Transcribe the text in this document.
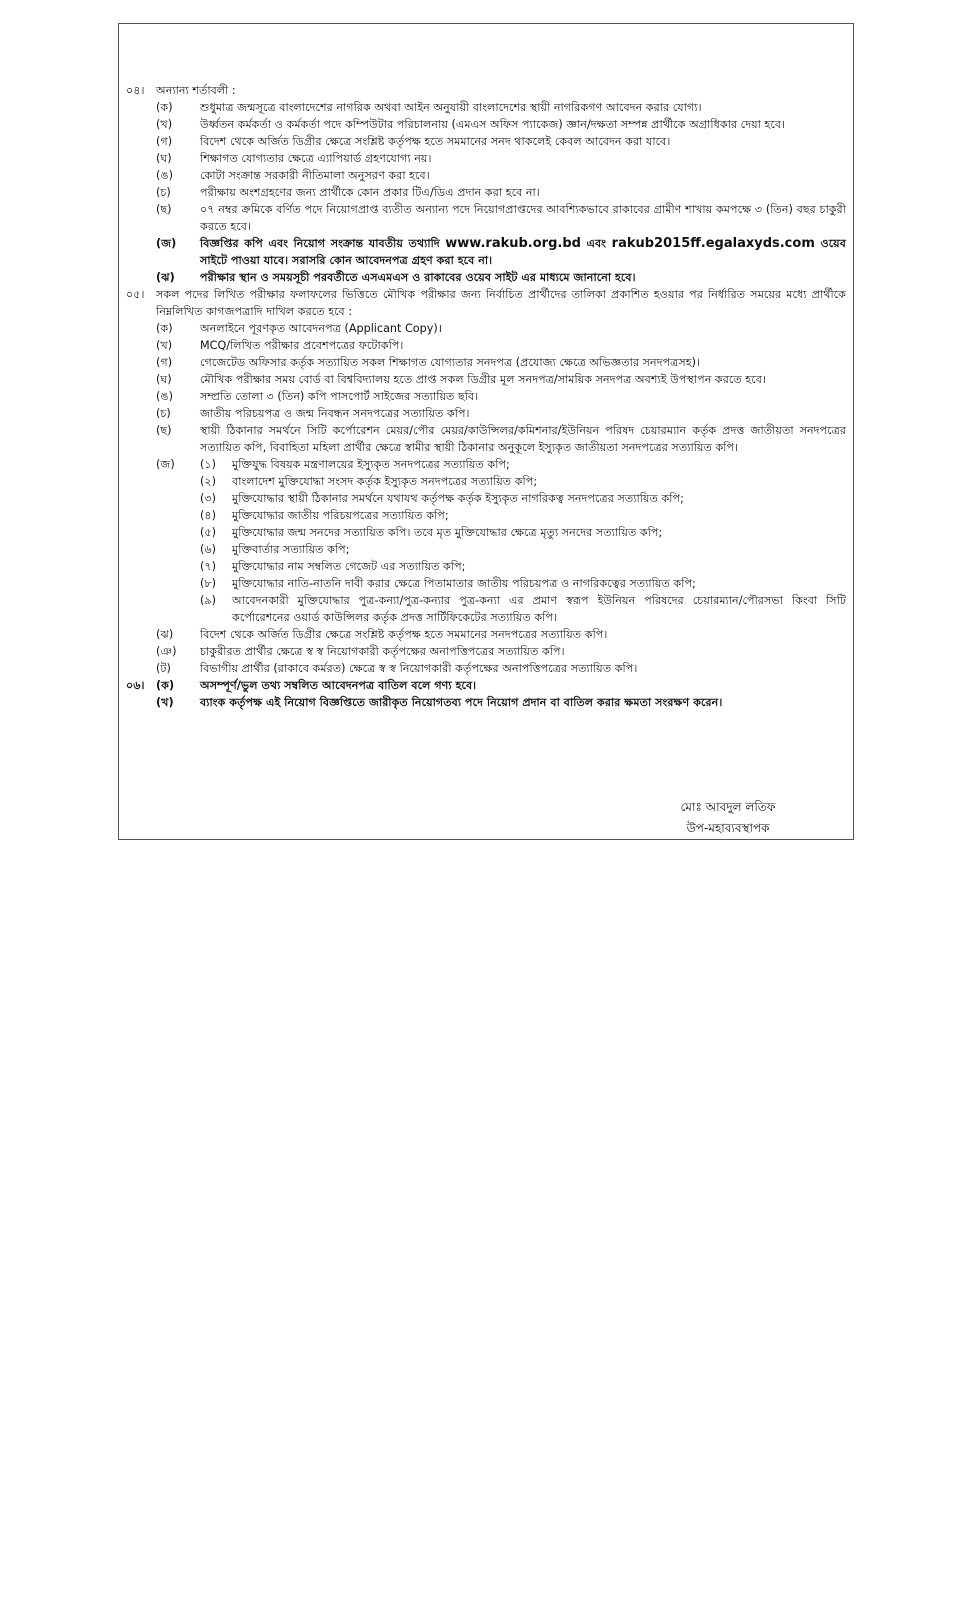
০৪।	অন্যান্য শর্তাবলী :
(ক)	শুধুমাত্র জন্মসূত্রে বাংলাদেশের নাগরিক অথবা আইন অনুযায়ী বাংলাদেশের স্থায়ী নাগরিকগণ আবেদন করার যোগ্য।
(খ)	উর্ধ্বতন কর্মকর্তা ও কর্মকর্তা পদে কম্পিউটার পরিচালনায় (এমএস অফিস প্যাকেজ) জ্ঞান/দক্ষতা সম্পন্ন প্রার্থীকে অগ্রাধিকার দেয়া হবে।
(গ)	বিদেশ থেকে অর্জিত ডিগ্রীর ক্ষেত্রে সংশ্লিষ্ট কর্তৃপক্ষ হতে সমমানের সনদ থাকলেই কেবল আবেদন করা যাবে।
(ঘ)	শিক্ষাগত যোগ্যতার ক্ষেত্রে এ্যাপিয়ার্ড গ্রহণযোগ্য নয়।
(ঙ)	কোটা সংক্রান্ত সরকারী নীতিমালা অনুসরণ করা হবে।
(চ)	পরীক্ষায় অংশগ্রহণের জন্য প্রার্থীকে কোন প্রকার টিএ/ডিএ প্রদান করা হবে না।
(ছ)	০৭ নম্বর ক্রমিকে বর্ণিত পদে নিয়োগপ্রাপ্ত ব্যতীত অন্যান্য পদে নিয়োগপ্রাপ্তদের আবশ্যিকভাবে রাকাবের গ্রামীণ শাখায় কমপক্ষে ৩ (তিন) বছর চাকুরী করতে হবে।
(জ)	বিজ্ঞপ্তির কপি এবং নিয়োগ সংক্রান্ত যাবতীয় তথ্যাদি www.rakub.org.bd এবং rakub2015ff.egalaxyds.com ওয়েব সাইটে পাওয়া যাবে। সরাসরি কোন আবেদনপত্র গ্রহণ করা হবে না।
(ঝ)	পরীক্ষার স্থান ও সময়সূচী পরবর্তীতে এসএমএস ও রাকাবের ওয়েব সাইট এর মাধ্যমে জানানো হবে।
০৫।	সকল পদের লিখিত পরীক্ষার ফলাফলের ভিত্তিতে মৌখিক পরীক্ষার জন্য নির্বাচিত প্রার্থীদের তালিকা প্রকাশিত হওয়ার পর নির্ধারিত সময়ের মধ্যে প্রার্থীকে নিম্নলিখিত কাগজপত্রাদি দাখিল করতে হবে :
(ক)	অনলাইনে পূরণকৃত আবেদনপত্র (Applicant Copy)।
(খ)	MCQ/লিখিত পরীক্ষার প্রবেশপত্রের ফটোকপি।
(গ)	গেজেটেড অফিসার কর্তৃক সত্যায়িত সকল শিক্ষাগত যোগ্যতার সনদপত্র (প্রযোজ্য ক্ষেত্রে অভিজ্ঞতার সনদপত্রসহ)।
(ঘ)	মৌখিক পরীক্ষার সময় বোর্ড বা বিশ্ববিদ্যালয় হতে প্রাপ্ত সকল ডিগ্রীর মূল সনদপত্র/সাময়িক সনদপত্র অবশ্যই উপস্থাপন করতে হবে।
(ঙ)	সম্প্রতি তোলা ৩ (তিন) কপি পাসপোর্ট সাইজের সত্যায়িত ছবি।
(চ)	জাতীয় পরিচয়পত্র ও জন্ম নিবন্ধন সনদপত্রের সত্যায়িত কপি।
(ছ)	স্থায়ী ঠিকানার সমর্থনে সিটি কর্পোরেশন মেয়র/পৌর মেয়র/কাউন্সিলর/কমিশনার/ইউনিয়ন পরিষদ চেয়ারম্যান কর্তৃক প্রদত্ত জাতীয়তা সনদপত্রের সত্যায়িত কপি, বিবাহিতা মহিলা প্রার্থীর ক্ষেত্রে স্বামীর স্থায়ী ঠিকানার অনুকূলে ইস্যুকৃত জাতীয়তা সনদপত্রের সত্যায়িত কপি।
(জ)	(১)	মুক্তিযুদ্ধ বিষয়ক মন্ত্রণালয়ের ইস্যুকৃত সনদপত্রের সত্যায়িত কপি;
(২)	বাংলাদেশ মুক্তিযোদ্ধা সংসদ কর্তৃক ইস্যুকৃত সনদপত্রের সত্যায়িত কপি;
(৩)	মুক্তিযোদ্ধার স্থায়ী ঠিকানার সমর্থনে যথাযথ কর্তৃপক্ষ কর্তৃক ইস্যুকৃত নাগরিকত্ব সনদপত্রের সত্যায়িত কপি;
(৪)	মুক্তিযোদ্ধার জাতীয় পরিচয়পত্রের সত্যায়িত কপি;
(৫)	মুক্তিযোদ্ধার জন্ম সনদের সত্যায়িত কপি। তবে মৃত মুক্তিযোদ্ধার ক্ষেত্রে মৃত্যু সনদের সত্যায়িত কপি;
(৬)	মুক্তিবার্তার সত্যায়িত কপি;
(৭)	মুক্তিযোদ্ধার নাম সম্বলিত গেজেট এর সত্যায়িত কপি;
(৮)	মুক্তিযোদ্ধার নাতি-নাতনি দাবী করার ক্ষেত্রে পিতামাতার জাতীয় পরিচয়পত্র ও নাগরিকত্বের সত্যায়িত কপি;
(৯)	আবেদনকারী মুক্তিযোদ্ধার পুত্র-কন্যা/পুত্র-কন্যার পুত্র-কন্যা এর প্রমাণ স্বরূপ ইউনিয়ন পরিষদের চেয়ারম্যান/পৌরসভা কিংবা সিটি কর্পোরেশনের ওয়ার্ড কাউন্সিলর কর্তৃক প্রদত্ত সার্টিফিকেটের সত্যায়িত কপি।
(ঝ)	বিদেশ থেকে অর্জিত ডিগ্রীর ক্ষেত্রে সংশ্লিষ্ট কর্তৃপক্ষ হতে সমমানের সনদপত্রের সত্যায়িত কপি।
(ঞ)	চাকুরীরত প্রার্থীর ক্ষেত্রে স্ব স্ব নিয়োগকারী কর্তৃপক্ষের অনাপত্তিপত্রের সত্যায়িত কপি।
(ট)	বিভাগীয় প্রার্থীর (রাকাবে কর্মরত) ক্ষেত্রে স্ব স্ব নিয়োগকারী কর্তৃপক্ষের অনাপত্তিপত্রের সত্যায়িত কপি।
০৬।	(ক)	অসম্পূর্ণ/ভুল তথ্য সম্বলিত আবেদনপত্র বাতিল বলে গণ্য হবে।
(খ)	ব্যাংক কর্তৃপক্ষ এই নিয়োগ বিজ্ঞপ্তিতে জারীকৃত নিয়োগতব্য পদে নিয়োগ প্রদান বা বাতিল করার ক্ষমতা সংরক্ষণ করেন।
মোঃ আবদুল লতিফ
উপ-মহাব্যবস্থাপক
